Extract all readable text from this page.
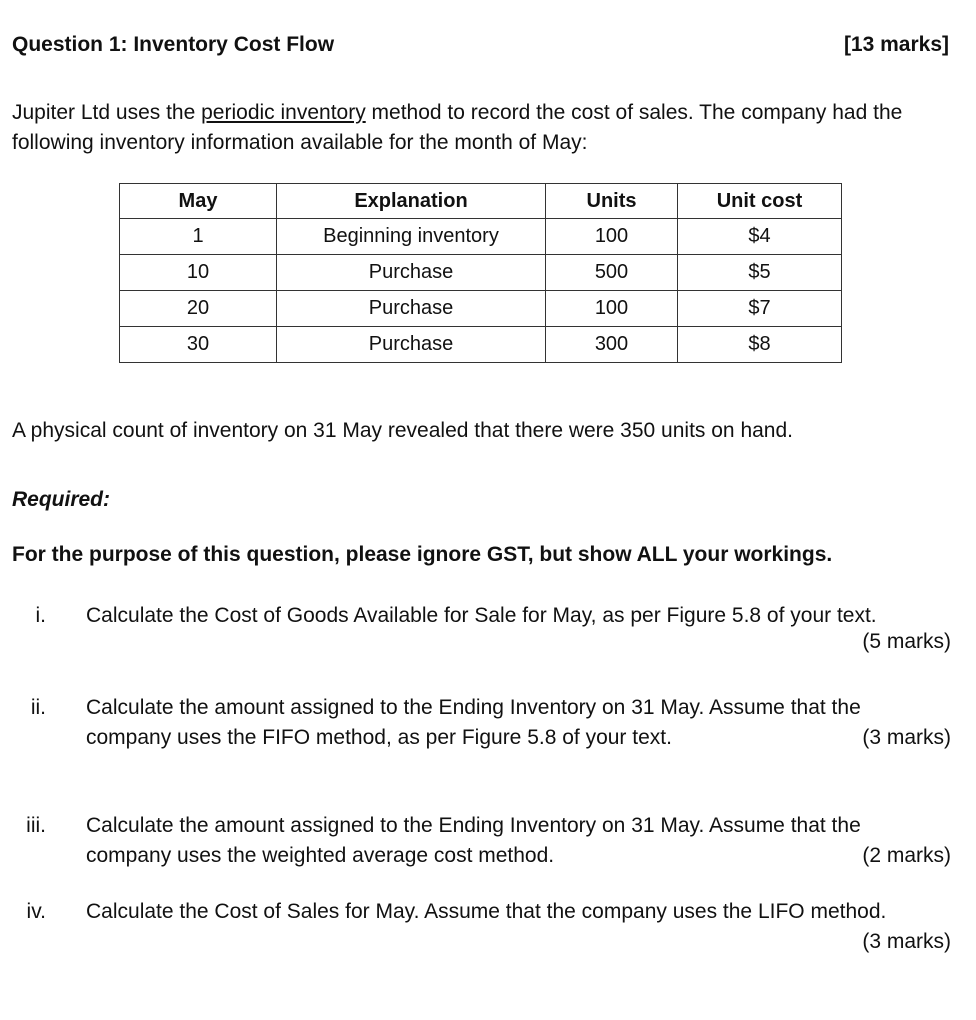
Question 1: Inventory Cost Flow	[13 marks]
Jupiter Ltd uses the periodic inventory method to record the cost of sales. The company had the following inventory information available for the month of May:
May	Explanation	Units	Unit cost
1	Beginning inventory	100	$4
10	Purchase	500	$5
20	Purchase	100	$7
30	Purchase	300	$8
A physical count of inventory on 31 May revealed that there were 350 units on hand.
Required:
For the purpose of this question, please ignore GST, but show ALL your workings.
i. Calculate the Cost of Goods Available for Sale for May, as per Figure 5.8 of your text.
(5 marks)
ii. Calculate the amount assigned to the Ending Inventory on 31 May. Assume that the
company uses the FIFO method, as per Figure 5.8 of your text.	(3 marks)
iii. Calculate the amount assigned to the Ending Inventory on 31 May. Assume that the
company uses the weighted average cost method.	(2 marks)
iv. Calculate the Cost of Sales for May. Assume that the company uses the LIFO method.
(3 marks)
